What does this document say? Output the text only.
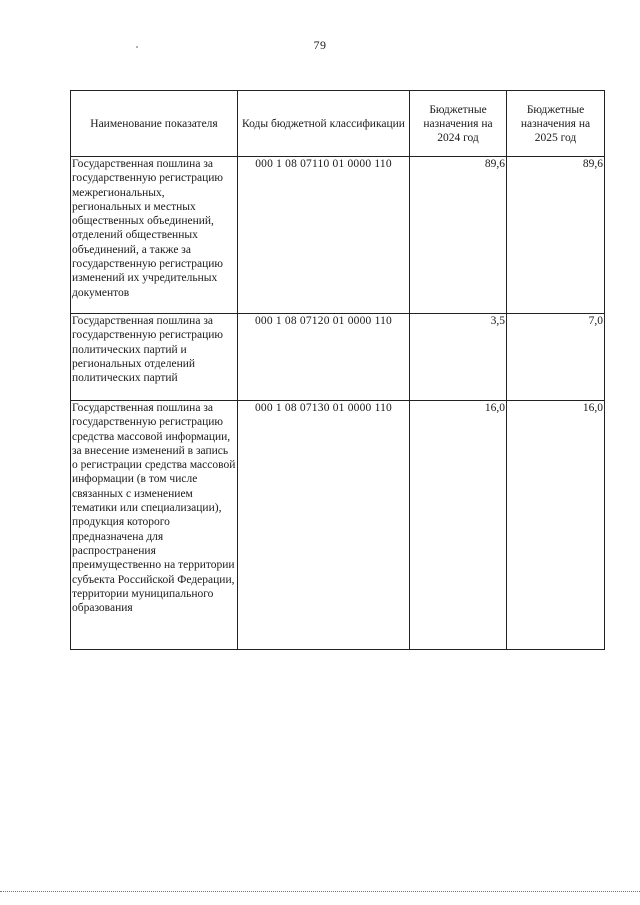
79
Наименование показателя	Коды бюджетной классификации	Бюджетные назначения на 2024 год	Бюджетные назначения на 2025 год
Государственная пошлина за государственную регистрацию межрегиональных, региональных и местных общественных объединений, отделений общественных объединений, а также за государственную регистрацию изменений их учредительных документов	000 1 08 07110 01 0000 110	89,6	89,6
Государственная пошлина за государственную регистрацию политических партий и региональных отделений политических партий	000 1 08 07120 01 0000 110	3,5	7,0
Государственная пошлина за государственную регистрацию средства массовой информации, за внесение изменений в запись о регистрации средства массовой информации (в том числе связанных с изменением тематики или специализации), продукция которого предназначена для распространения преимущественно на территории субъекта Российской Федерации, территории муниципального образования	000 1 08 07130 01 0000 110	16,0	16,0
